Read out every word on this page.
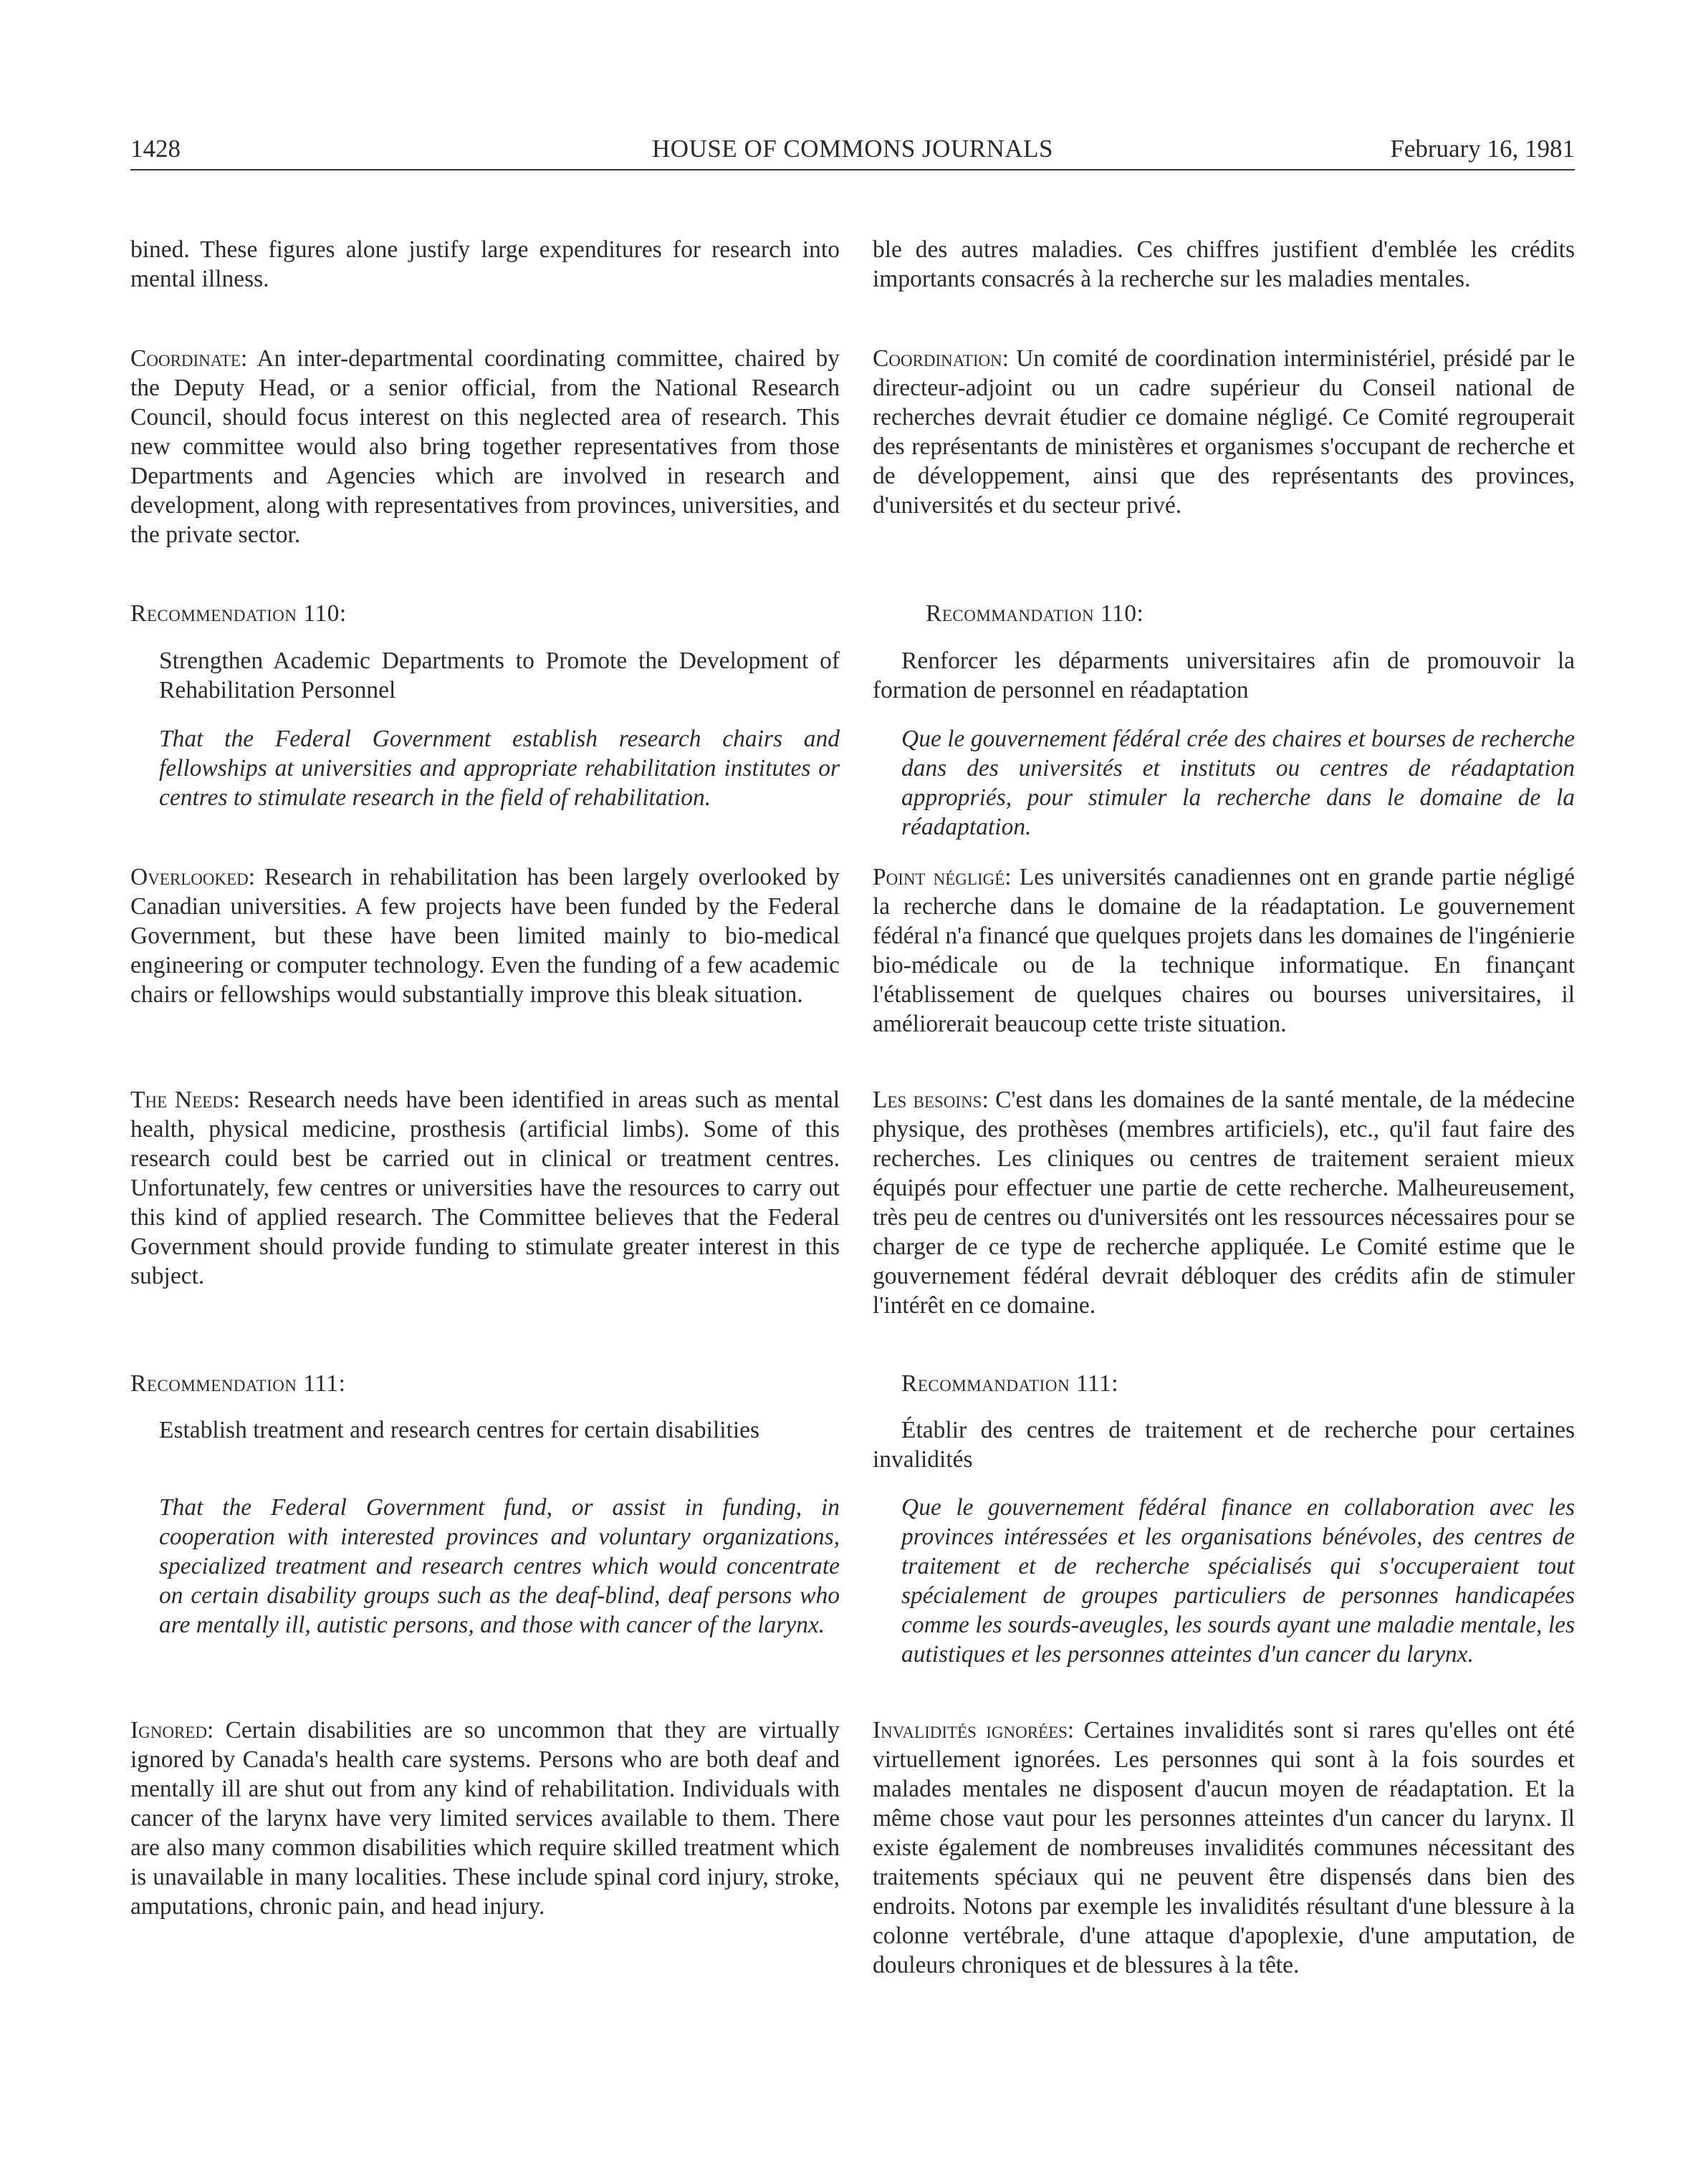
1428	HOUSE OF COMMONS JOURNALS	February 16, 1981

bined. These figures alone justify large expenditures for research into mental illness.

Coordinate: An inter-departmental coordinating committee, chaired by the Deputy Head, or a senior official, from the National Research Council, should focus interest on this neglected area of research. This new committee would also bring together representatives from those Departments and Agencies which are involved in research and development, along with representatives from provinces, universities, and the private sector.

Recommendation 110:

Strengthen Academic Departments to Promote the Development of Rehabilitation Personnel

That the Federal Government establish research chairs and fellowships at universities and appropriate rehabilitation institutes or centres to stimulate research in the field of rehabilitation.

Overlooked: Research in rehabilitation has been largely overlooked by Canadian universities. A few projects have been funded by the Federal Government, but these have been limited mainly to bio-medical engineering or computer technology. Even the funding of a few academic chairs or fellowships would substantially improve this bleak situation.

The Needs: Research needs have been identified in areas such as mental health, physical medicine, prosthesis (artificial limbs). Some of this research could best be carried out in clinical or treatment centres. Unfortunately, few centres or universities have the resources to carry out this kind of applied research. The Committee believes that the Federal Government should provide funding to stimulate greater interest in this subject.

Recommendation 111:

Establish treatment and research centres for certain disabilities

That the Federal Government fund, or assist in funding, in cooperation with interested provinces and voluntary organizations, specialized treatment and research centres which would concentrate on certain disability groups such as the deaf-blind, deaf persons who are mentally ill, autistic persons, and those with cancer of the larynx.

Ignored: Certain disabilities are so uncommon that they are virtually ignored by Canada's health care systems. Persons who are both deaf and mentally ill are shut out from any kind of rehabilitation. Individuals with cancer of the larynx have very limited services available to them. There are also many common disabilities which require skilled treatment which is unavailable in many localities. These include spinal cord injury, stroke, amputations, chronic pain, and head injury.

ble des autres maladies. Ces chiffres justifient d'emblée les crédits importants consacrés à la recherche sur les maladies mentales.

Coordination: Un comité de coordination interministériel, présidé par le directeur-adjoint ou un cadre supérieur du Conseil national de recherches devrait étudier ce domaine négligé. Ce Comité regrouperait des représentants de ministères et organismes s'occupant de recherche et de développement, ainsi que des représentants des provinces, d'universités et du secteur privé.

Recommandation 110:

Renforcer les déparments universitaires afin de promouvoir la formation de personnel en réadaptation

Que le gouvernement fédéral crée des chaires et bourses de recherche dans des universités et instituts ou centres de réadaptation appropriés, pour stimuler la recherche dans le domaine de la réadaptation.

Point négligé: Les universités canadiennes ont en grande partie négligé la recherche dans le domaine de la réadaptation. Le gouvernement fédéral n'a financé que quelques projets dans les domaines de l'ingénierie bio-médicale ou de la technique informatique. En finançant l'établissement de quelques chaires ou bourses universitaires, il améliorerait beaucoup cette triste situation.

Les besoins: C'est dans les domaines de la santé mentale, de la médecine physique, des prothèses (membres artificiels), etc., qu'il faut faire des recherches. Les cliniques ou centres de traitement seraient mieux équipés pour effectuer une partie de cette recherche. Malheureusement, très peu de centres ou d'universités ont les ressources nécessaires pour se charger de ce type de recherche appliquée. Le Comité estime que le gouvernement fédéral devrait débloquer des crédits afin de stimuler l'intérêt en ce domaine.

Recommandation 111:

Établir des centres de traitement et de recherche pour certaines invalidités

Que le gouvernement fédéral finance en collaboration avec les provinces intéressées et les organisations bénévoles, des centres de traitement et de recherche spécialisés qui s'occuperaient tout spécialement de groupes particuliers de personnes handicapées comme les sourds-aveugles, les sourds ayant une maladie mentale, les autistiques et les personnes atteintes d'un cancer du larynx.

Invalidités ignorées: Certaines invalidités sont si rares qu'elles ont été virtuellement ignorées. Les personnes qui sont à la fois sourdes et malades mentales ne disposent d'aucun moyen de réadaptation. Et la même chose vaut pour les personnes atteintes d'un cancer du larynx. Il existe également de nombreuses invalidités communes nécessitant des traitements spéciaux qui ne peuvent être dispensés dans bien des endroits. Notons par exemple les invalidités résultant d'une blessure à la colonne vertébrale, d'une attaque d'apoplexie, d'une amputation, de douleurs chroniques et de blessures à la tête.
